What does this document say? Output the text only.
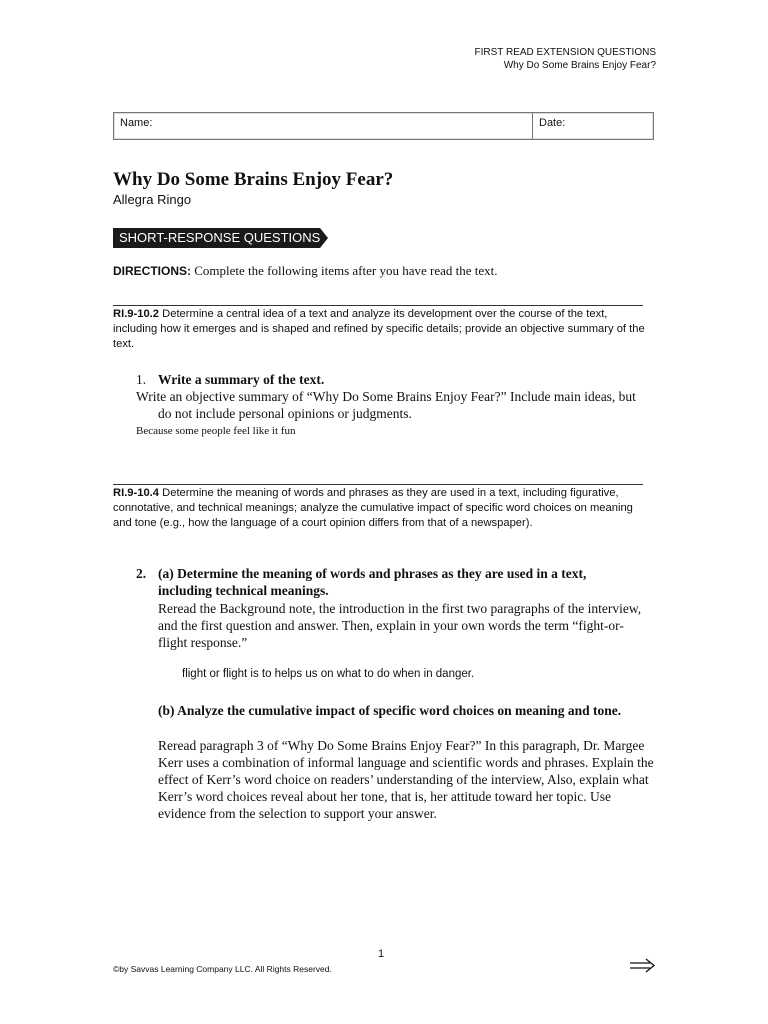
FIRST READ EXTENSION QUESTIONS
Why Do Some Brains Enjoy Fear?
Name:	Date:
Why Do Some Brains Enjoy Fear?
Allegra Ringo
SHORT-RESPONSE QUESTIONS
DIRECTIONS: Complete the following items after you have read the text.
RI.9-10.2 Determine a central idea of a text and analyze its development over the course of the text, including how it emerges and is shaped and refined by specific details; provide an objective summary of the text.
1. Write a summary of the text.
Write an objective summary of “Why Do Some Brains Enjoy Fear?” Include main ideas, but do not include personal opinions or judgments.
Because some people feel like it fun
RI.9-10.4 Determine the meaning of words and phrases as they are used in a text, including figurative, connotative, and technical meanings; analyze the cumulative impact of specific word choices on meaning and tone (e.g., how the language of a court opinion differs from that of a newspaper).
2. (a) Determine the meaning of words and phrases as they are used in a text, including technical meanings.
Reread the Background note, the introduction in the first two paragraphs of the interview, and the first question and answer. Then, explain in your own words the term “fight-or-flight response.”
flight or flight is to helps us on what to do when in danger.
(b) Analyze the cumulative impact of specific word choices on meaning and tone.
Reread paragraph 3 of “Why Do Some Brains Enjoy Fear?” In this paragraph, Dr. Margee Kerr uses a combination of informal language and scientific words and phrases. Explain the effect of Kerr’s word choice on readers’ understanding of the interview, Also, explain what Kerr’s word choices reveal about her tone, that is, her attitude toward her topic. Use evidence from the selection to support your answer.
1
©by Savvas Learning Company LLC. All Rights Reserved.
